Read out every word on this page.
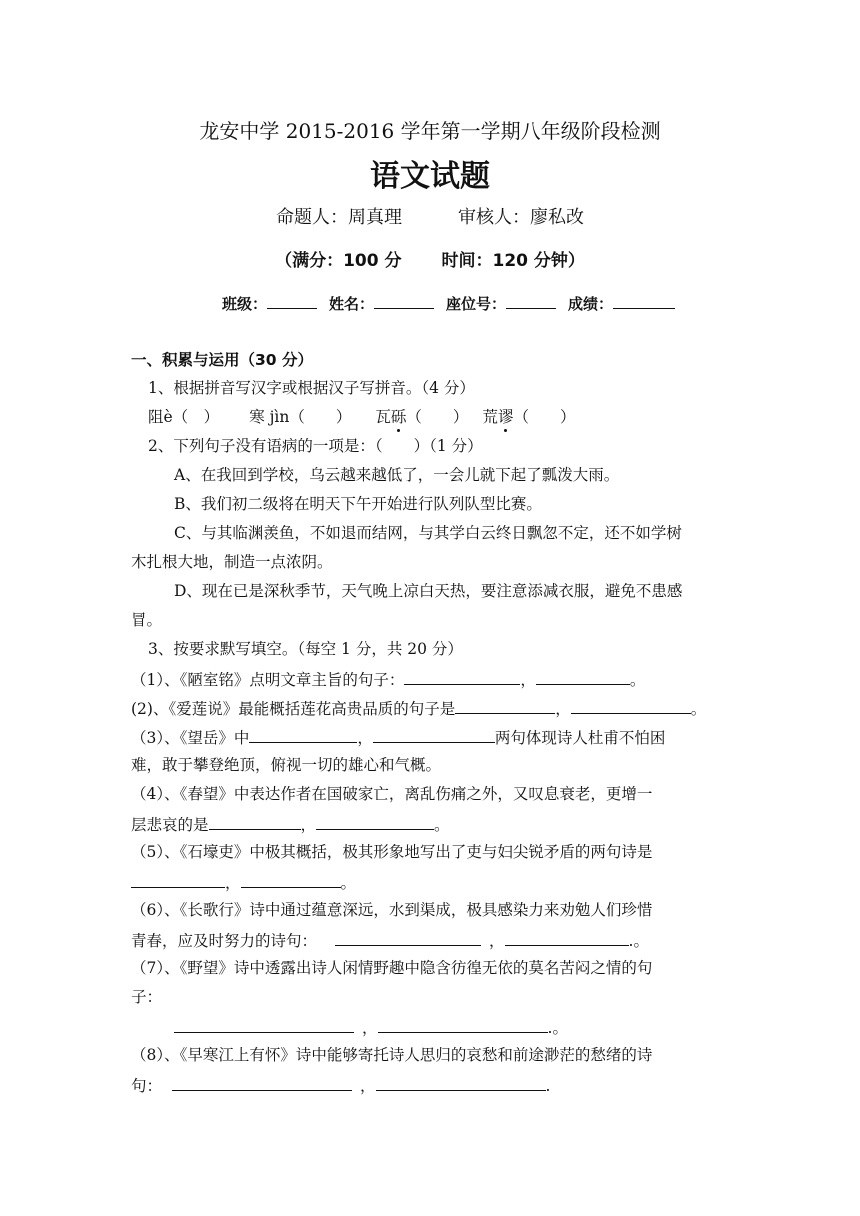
龙安中学 2015-2016 学年第一学期八年级阶段检测
语文试题
命题人：周真理	审核人：廖私改
（满分：100 分 时间：120 分钟）
班级：	姓名：	座位号：	成绩：
一、积累与运用（30 分）
1、根据拼音写汉字或根据汉子写拼音。（4 分）
阻è（　） 寒 jìn（　　） 瓦砾（　　） 荒谬（　　）
2、下列句子没有语病的一项是：（　　）（1 分）
A、在我回到学校，乌云越来越低了，一会儿就下起了瓢泼大雨。
B、我们初二级将在明天下午开始进行队列队型比赛。
C、与其临渊羡鱼，不如退而结网，与其学白云终日飘忽不定，还不如学树
木扎根大地，制造一点浓阴。
D、现在已是深秋季节，天气晚上凉白天热，要注意添减衣服，避免不患感
冒。
3、按要求默写填空。（每空 1 分，共 20 分）
（1）、《陋室铭》点明文章主旨的句子：	，	。
(2)、《爱莲说》最能概括莲花高贵品质的句子是	，	。
（3）、《望岳》中	，	两句体现诗人杜甫不怕困
难，敢于攀登绝顶，俯视一切的雄心和气概。
（4）、《春望》中表达作者在国破家亡，离乱伤痛之外，又叹息衰老，更增一
层悲哀的是	，	。
（5）、《石壕吏》中极其概括，极其形象地写出了吏与妇尖锐矛盾的两句诗是
，	。
（6）、《长歌行》诗中通过蕴意深远，水到渠成，极具感染力来劝勉人们珍惜
青春，应及时努力的诗句：	，	.。
（7）、《野望》诗中透露出诗人闲情野趣中隐含彷徨无依的莫名苦闷之情的句
子：
，	.。
（8）、《早寒江上有怀》诗中能够寄托诗人思归的哀愁和前途渺茫的愁绪的诗
句：	，	.
